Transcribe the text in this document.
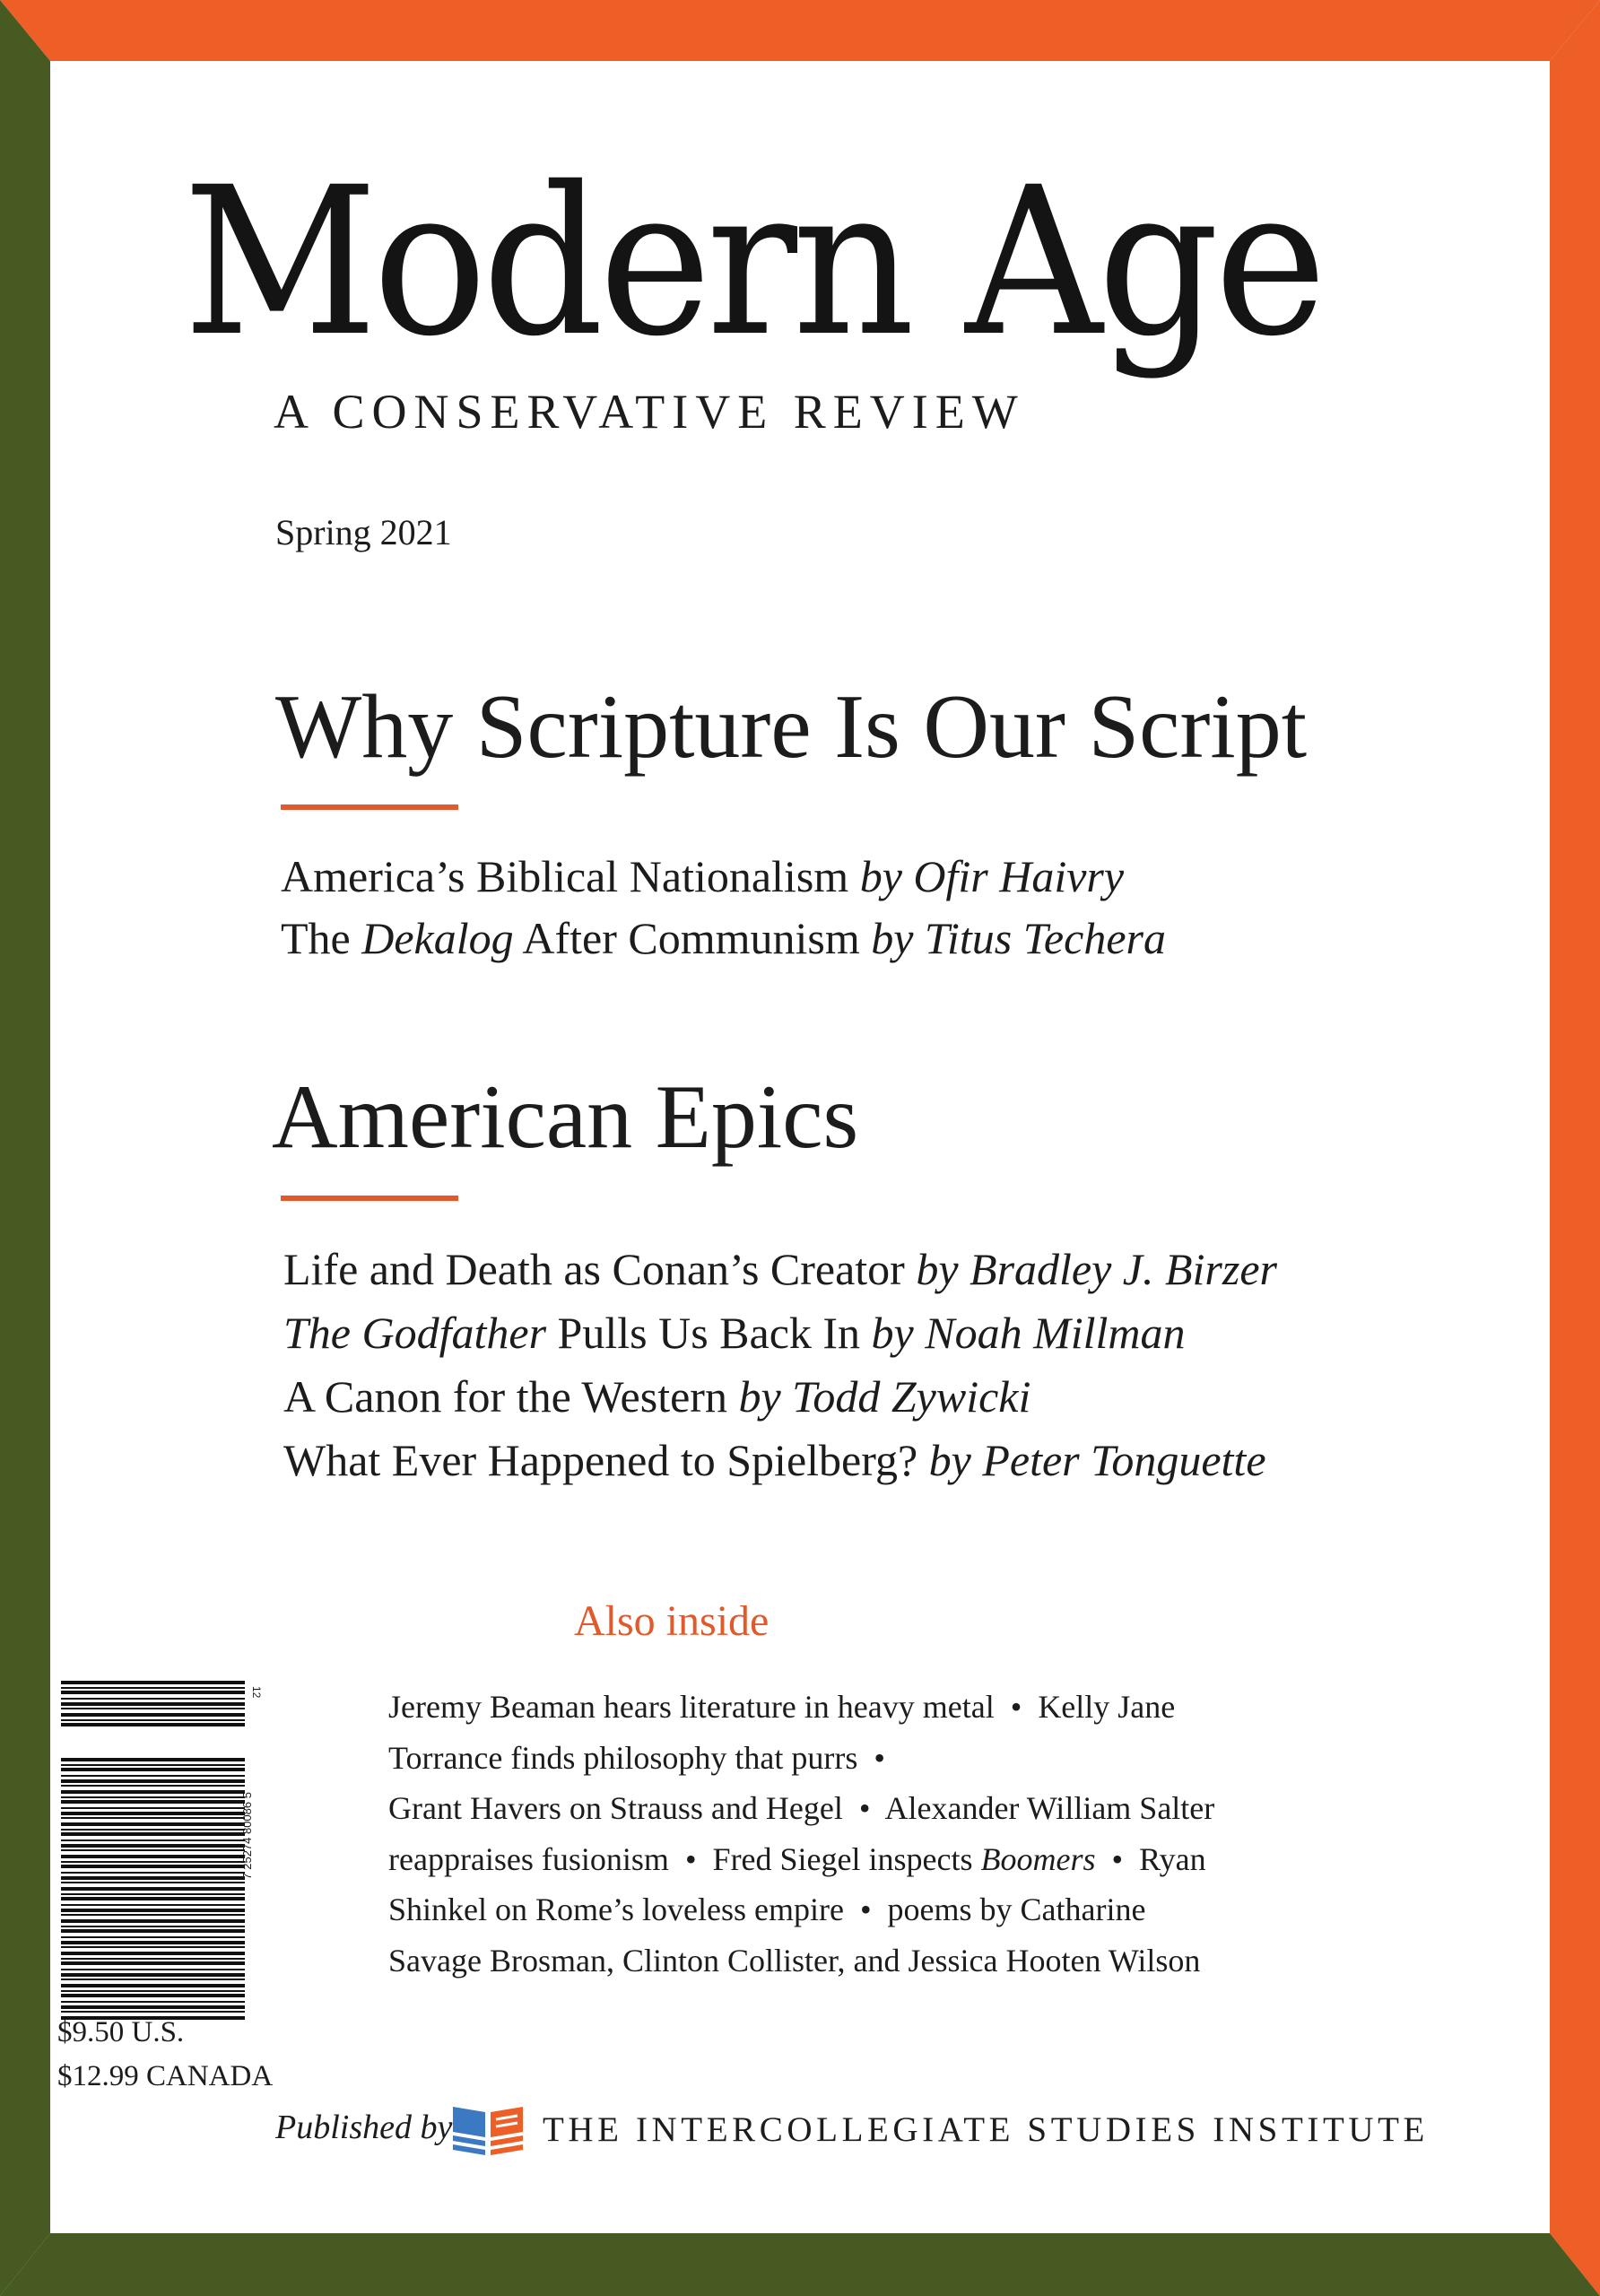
Modern Age
A CONSERVATIVE REVIEW
Spring 2021
Why Scripture Is Our Script
America’s Biblical Nationalism by Ofir Haivry
The Dekalog After Communism by Titus Techera
American Epics
Life and Death as Conan’s Creator by Bradley J. Birzer
The Godfather Pulls Us Back In by Noah Millman
A Canon for the Western by Todd Zywicki
What Ever Happened to Spielberg? by Peter Tonguette
Also inside
Jeremy Beaman hears literature in heavy metal • Kelly Jane Torrance finds philosophy that purrs •  Grant Havers on Strauss and Hegel • Alexander William Salter reappraises fusionism • Fred Siegel inspects Boomers • Ryan Shinkel on Rome’s loveless empire • poems by Catharine Savage Brosman, Clinton Collister, and Jessica Hooten Wilson
12
7 25274 80086 5
$9.50 U.S.
$12.99 CANADA
Published by	THE INTERCOLLEGIATE STUDIES INSTITUTE
